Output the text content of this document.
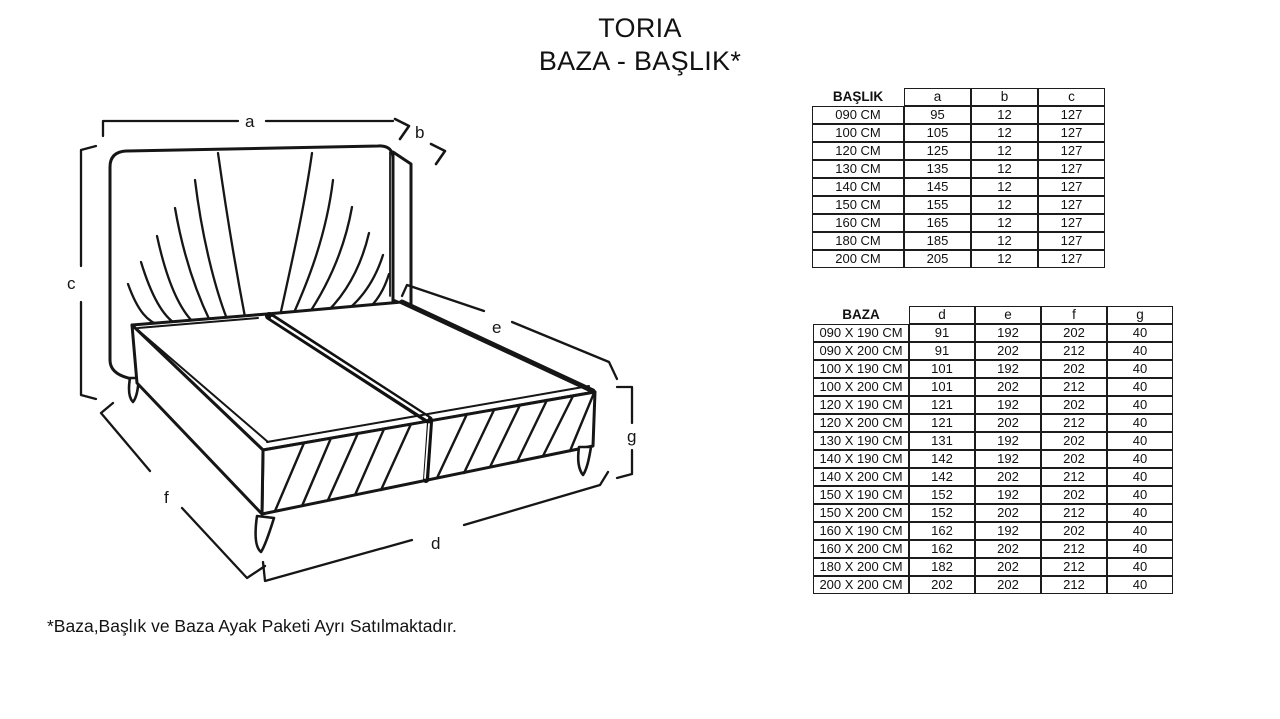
TORIA
BAZA - BAŞLIK*
a
b
c
e
g
f
d
BAŞLIK	a	b	c
090 CM	95	12	127
100 CM	105	12	127
120 CM	125	12	127
130 CM	135	12	127
140 CM	145	12	127
150 CM	155	12	127
160 CM	165	12	127
180 CM	185	12	127
200 CM	205	12	127
BAZA	d	e	f	g
090 X 190 CM	91	192	202	40
090 X 200 CM	91	202	212	40
100 X 190 CM	101	192	202	40
100 X 200 CM	101	202	212	40
120 X 190 CM	121	192	202	40
120 X 200 CM	121	202	212	40
130 X 190 CM	131	192	202	40
140 X 190 CM	142	192	202	40
140 X 200 CM	142	202	212	40
150 X 190 CM	152	192	202	40
150 X 200 CM	152	202	212	40
160 X 190 CM	162	192	202	40
160 X 200 CM	162	202	212	40
180 X 200 CM	182	202	212	40
200 X 200 CM	202	202	212	40
*Baza,Başlık ve Baza Ayak Paketi Ayrı Satılmaktadır.
